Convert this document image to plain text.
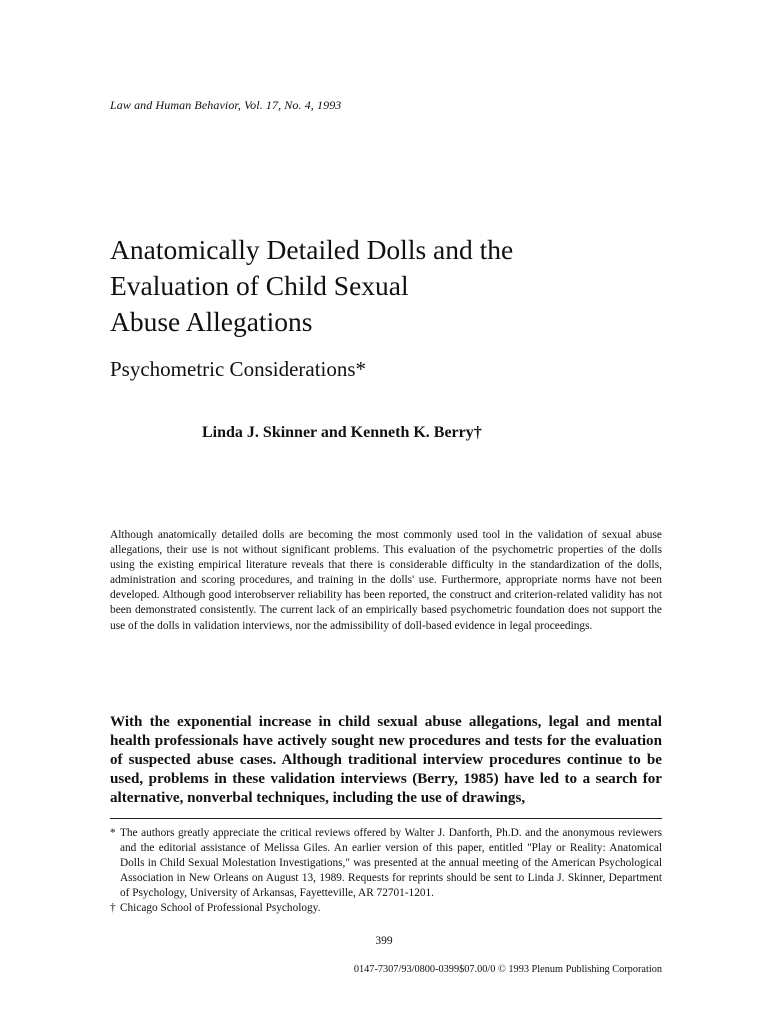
Law and Human Behavior, Vol. 17, No. 4, 1993
Anatomically Detailed Dolls and the
Evaluation of Child Sexual
Abuse Allegations
Psychometric Considerations*
Linda J. Skinner and Kenneth K. Berry†

Although anatomically detailed dolls are becoming the most commonly used tool in the validation of sexual abuse allegations, their use is not without significant problems. This evaluation of the psychometric properties of the dolls using the existing empirical literature reveals that there is considerable difficulty in the standardization of the dolls, administration and scoring procedures, and training in the dolls' use. Furthermore, appropriate norms have not been developed. Although good interobserver reliability has been reported, the construct and criterion-related validity has not been demonstrated consistently. The current lack of an empirically based psychometric foundation does not support the use of the dolls in validation interviews, nor the admissibility of doll-based evidence in legal proceedings.

With the exponential increase in child sexual abuse allegations, legal and mental health professionals have actively sought new procedures and tests for the evaluation of suspected abuse cases. Although traditional interview procedures continue to be used, problems in these validation interviews (Berry, 1985) have led to a search for alternative, nonverbal techniques, including the use of drawings,

* The authors greatly appreciate the critical reviews offered by Walter J. Danforth, Ph.D. and the anonymous reviewers and the editorial assistance of Melissa Giles. An earlier version of this paper, entitled "Play or Reality: Anatomical Dolls in Child Sexual Molestation Investigations," was presented at the annual meeting of the American Psychological Association in New Orleans on August 13, 1989. Requests for reprints should be sent to Linda J. Skinner, Department of Psychology, University of Arkansas, Fayetteville, AR 72701-1201.
† Chicago School of Professional Psychology.
399
0147-7307/93/0800-0399$07.00/0 © 1993 Plenum Publishing Corporation
